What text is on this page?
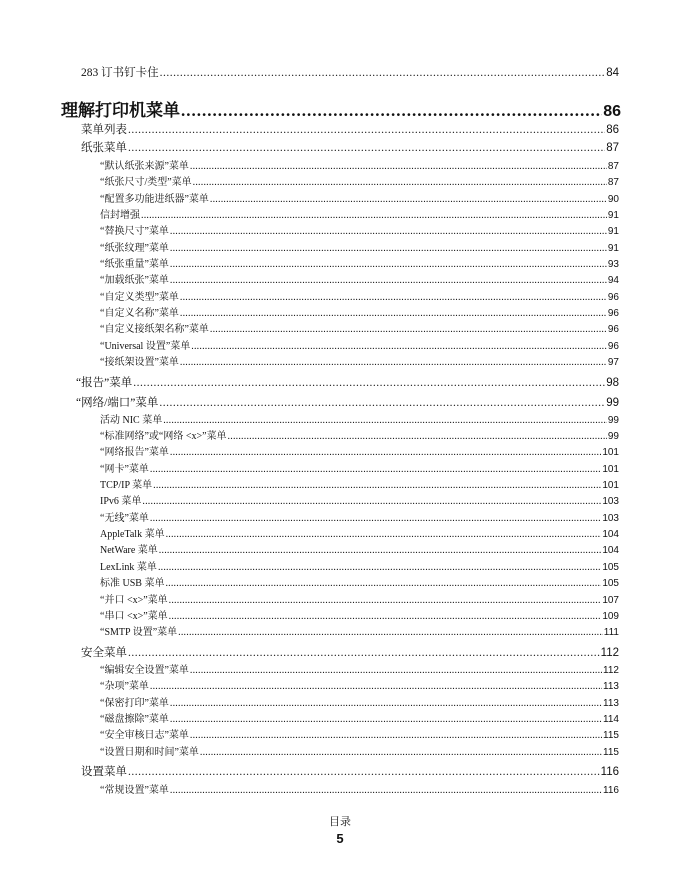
283 订书钉卡住 .....	84
理解打印机菜单 .....	86
菜单列表 .....	86
纸张菜单 .....	87
“默认纸张来源”菜单 .....	87
“纸张尺寸/类型”菜单 .....	87
“配置多功能进纸器”菜单 .....	90
信封增强 .....	91
“替换尺寸”菜单 .....	91
“纸张纹理”菜单 .....	91
“纸张重量”菜单 .....	93
“加载纸张”菜单 .....	94
“自定义类型”菜单 .....	96
“自定义名称”菜单 .....	96
“自定义接纸架名称”菜单 .....	96
“Universal 设置”菜单 .....	96
“接纸架设置”菜单 .....	97
“报告”菜单 .....	98
“网络/端口”菜单 .....	99
活动 NIC 菜单 .....	99
“标准网络”或“网络 <x>”菜单 .....	99
“网络报告”菜单 .....	101
“网卡”菜单 .....	101
TCP/IP 菜单 .....	101
IPv6 菜单 .....	103
“无线”菜单 .....	103
AppleTalk 菜单 .....	104
NetWare 菜单 .....	104
LexLink 菜单 .....	105
标准 USB 菜单 .....	105
“并口 <x>”菜单 .....	107
“串口 <x>”菜单 .....	109
“SMTP 设置”菜单 .....	111
安全菜单 .....	112
“编辑安全设置”菜单 .....	112
“杂项”菜单 .....	113
“保密打印”菜单 .....	113
“磁盘擦除”菜单 .....	114
“安全审核日志”菜单 .....	115
“设置日期和时间”菜单 .....	115
设置菜单 .....	116
“常规设置”菜单 .....	116
目录
5
